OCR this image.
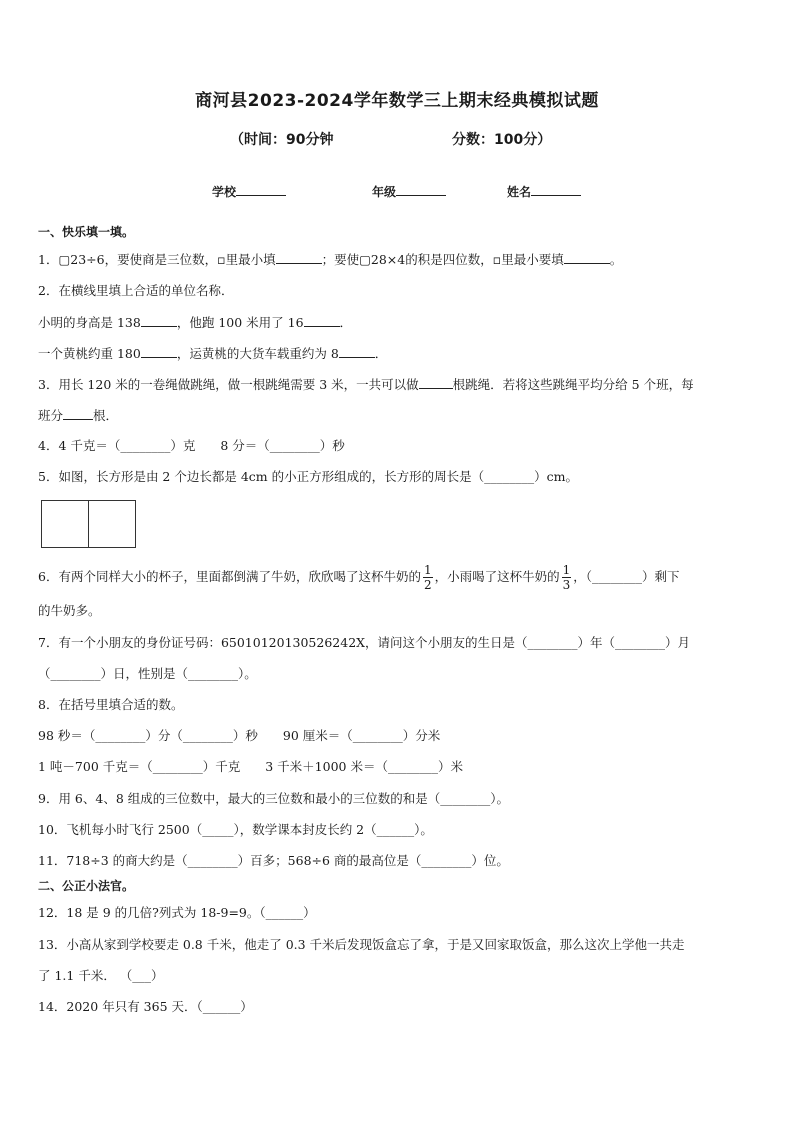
商河县2023-2024学年数学三上期末经典模拟试题
（时间：90分钟	分数：100分）
学校	年级	姓名
一、快乐填一填。
1．▢23÷6，要使商是三位数，▫里最小填	；要使▢28×4的积是四位数，▫里最小要填	。
2．在横线里填上合适的单位名称．
小明的身高是 138	，他跑 100 米用了 16	．
一个黄桃约重 180	，运黄桃的大货车载重约为 8	．
3．用长 120 米的一卷绳做跳绳，做一根跳绳需要 3 米，一共可以做	根跳绳．若将这些跳绳平均分给 5 个班，每
班分 根．
4．4 千克＝（________）克　　8 分＝（________）秒
5．如图，长方形是由 2 个边长都是 4cm 的小正方形组成的，长方形的周长是（________）cm。
6．有两个同样大小的杯子，里面都倒满了牛奶，欣欣喝了这杯牛奶的 $\frac{1}{2}$ ，小雨喝了这杯牛奶的 $\frac{1}{3}$ ，（________）剩下
的牛奶多。
7．有一个小朋友的身份证号码：65010120130526242X，请问这个小朋友的生日是（________）年（________）月
（________）日，性别是（________）。
8．在括号里填合适的数。
98 秒＝（________）分（________）秒　　90 厘米＝（________）分米
1 吨－700 千克＝（________）千克　　3 千米＋1000 米＝（________）米
9．用 6、4、8 组成的三位数中，最大的三位数和最小的三位数的和是（________）。
10．飞机每小时飞行 2500（_____），数学课本封皮长约 2（______）。
11．718÷3 的商大约是（________）百多；568÷6 商的最高位是（________）位。
二、公正小法官。
12．18 是 9 的几倍?列式为 18-9=9。（______）
13．小高从家到学校要走 0.8 千米，他走了 0.3 千米后发现饭盒忘了拿，于是又回家取饭盒，那么这次上学他一共走
了 1.1 千米． （___）
14．2020 年只有 365 天．（______）
